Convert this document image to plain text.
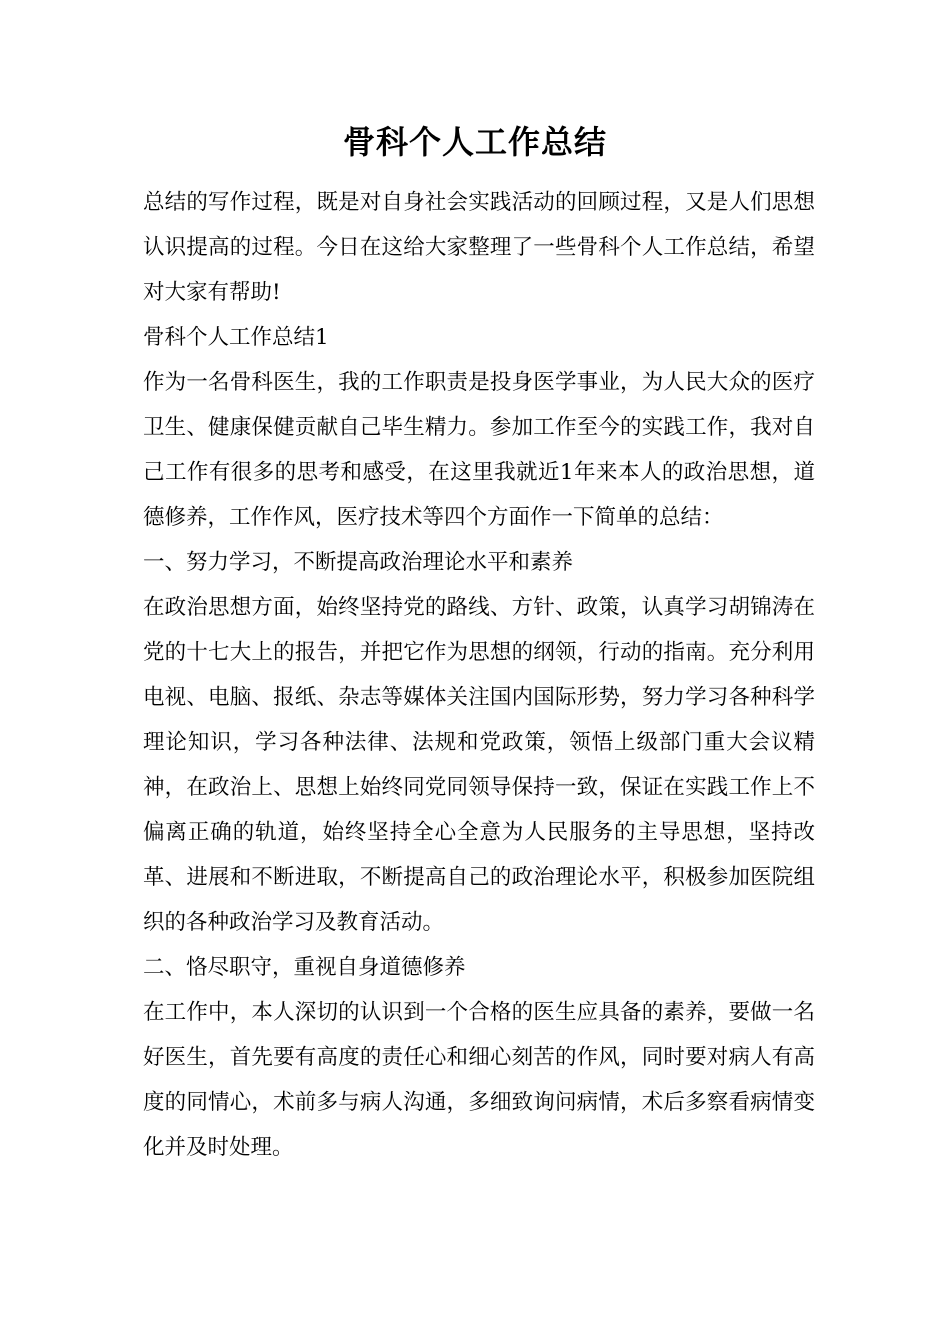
骨科个人工作总结

总结的写作过程，既是对自身社会实践活动的回顾过程，又是人们思想认识提高的过程。今日在这给大家整理了一些骨科个人工作总结，希望对大家有帮助!

骨科个人工作总结1

作为一名骨科医生，我的工作职责是投身医学事业，为人民大众的医疗卫生、健康保健贡献自己毕生精力。参加工作至今的实践工作，我对自己工作有很多的思考和感受，在这里我就近1年来本人的政治思想，道德修养，工作作风，医疗技术等四个方面作一下简单的总结：

一、努力学习，不断提高政治理论水平和素养

在政治思想方面，始终坚持党的路线、方针、政策，认真学习胡锦涛在党的十七大上的报告，并把它作为思想的纲领，行动的指南。充分利用电视、电脑、报纸、杂志等媒体关注国内国际形势，努力学习各种科学理论知识，学习各种法律、法规和党政策，领悟上级部门重大会议精神，在政治上、思想上始终同党同领导保持一致，保证在实践工作上不偏离正确的轨道，始终坚持全心全意为人民服务的主导思想，坚持改革、进展和不断进取，不断提高自己的政治理论水平，积极参加医院组织的各种政治学习及教育活动。

二、恪尽职守，重视自身道德修养

在工作中，本人深切的认识到一个合格的医生应具备的素养，要做一名好医生，首先要有高度的责任心和细心刻苦的作风，同时要对病人有高度的同情心，术前多与病人沟通，多细致询问病情，术后多察看病情变化并及时处理。
